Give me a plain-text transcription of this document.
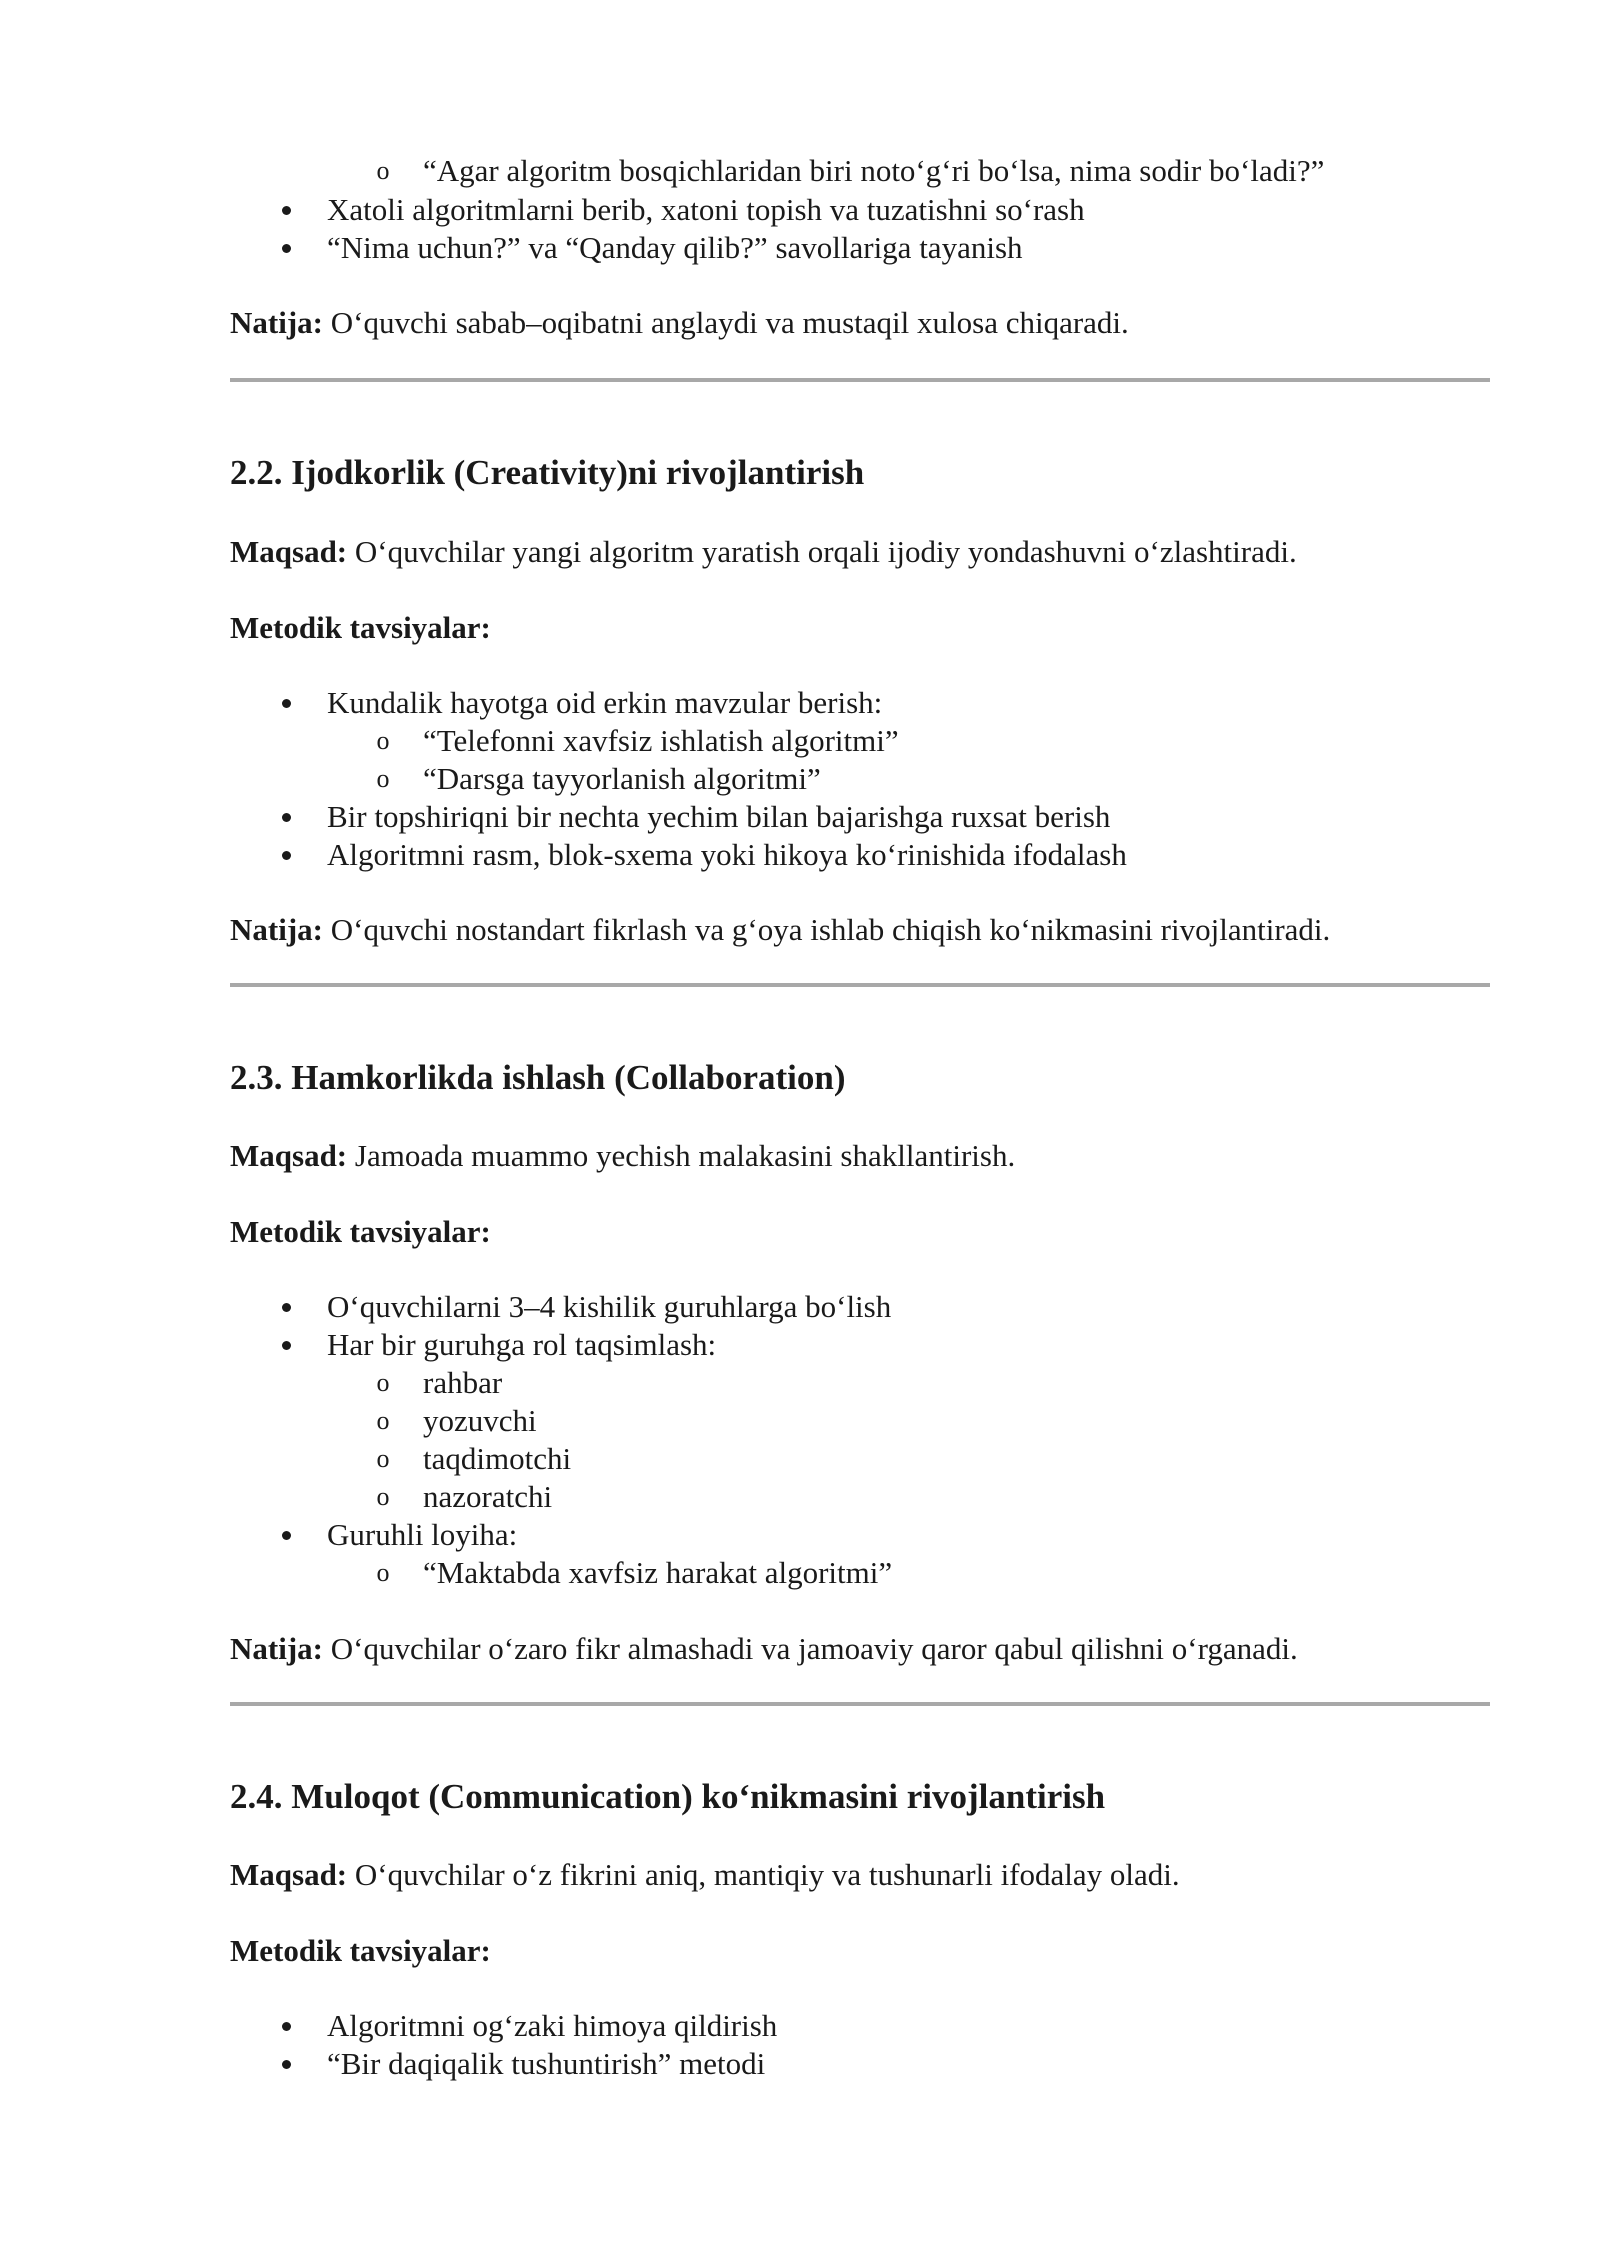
o “Agar algoritm bosqichlaridan biri noto‘g‘ri bo‘lsa, nima sodir bo‘ladi?”
Xatoli algoritmlarni berib, xatoni topish va tuzatishni so‘rash
“Nima uchun?” va “Qanday qilib?” savollariga tayanish
Natija: O‘quvchi sabab–oqibatni anglaydi va mustaqil xulosa chiqaradi.
2.2. Ijodkorlik (Creativity)ni rivojlantirish
Maqsad: O‘quvchilar yangi algoritm yaratish orqali ijodiy yondashuvni o‘zlashtiradi.
Metodik tavsiyalar:
Kundalik hayotga oid erkin mavzular berish:
o “Telefonni xavfsiz ishlatish algoritmi”
o “Darsga tayyorlanish algoritmi”
Bir topshiriqni bir nechta yechim bilan bajarishga ruxsat berish
Algoritmni rasm, blok-sxema yoki hikoya ko‘rinishida ifodalash
Natija: O‘quvchi nostandart fikrlash va g‘oya ishlab chiqish ko‘nikmasini rivojlantiradi.
2.3. Hamkorlikda ishlash (Collaboration)
Maqsad: Jamoada muammo yechish malakasini shakllantirish.
Metodik tavsiyalar:
O‘quvchilarni 3–4 kishilik guruhlarga bo‘lish
Har bir guruhga rol taqsimlash:
o rahbar
o yozuvchi
o taqdimotchi
o nazoratchi
Guruhli loyiha:
o “Maktabda xavfsiz harakat algoritmi”
Natija: O‘quvchilar o‘zaro fikr almashadi va jamoaviy qaror qabul qilishni o‘rganadi.
2.4. Muloqot (Communication) ko‘nikmasini rivojlantirish
Maqsad: O‘quvchilar o‘z fikrini aniq, mantiqiy va tushunarli ifodalay oladi.
Metodik tavsiyalar:
Algoritmni og‘zaki himoya qildirish
“Bir daqiqalik tushuntirish” metodi
